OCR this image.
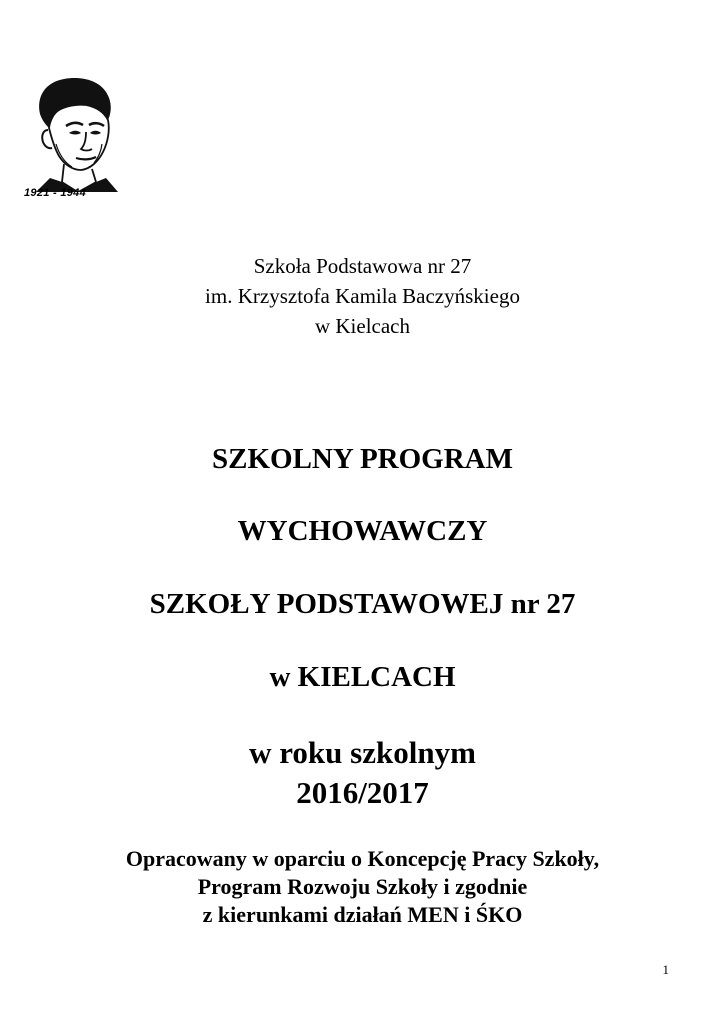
1921 - 1944
Szkoła Podstawowa nr 27
im. Krzysztofa Kamila Baczyńskiego
w Kielcach
SZKOLNY PROGRAM
WYCHOWAWCZY
SZKOŁY PODSTAWOWEJ nr 27
w KIELCACH
w roku szkolnym
2016/2017
Opracowany w oparciu o Koncepcję Pracy Szkoły,
Program Rozwoju Szkoły i zgodnie
z kierunkami działań MEN i ŚKO
1
